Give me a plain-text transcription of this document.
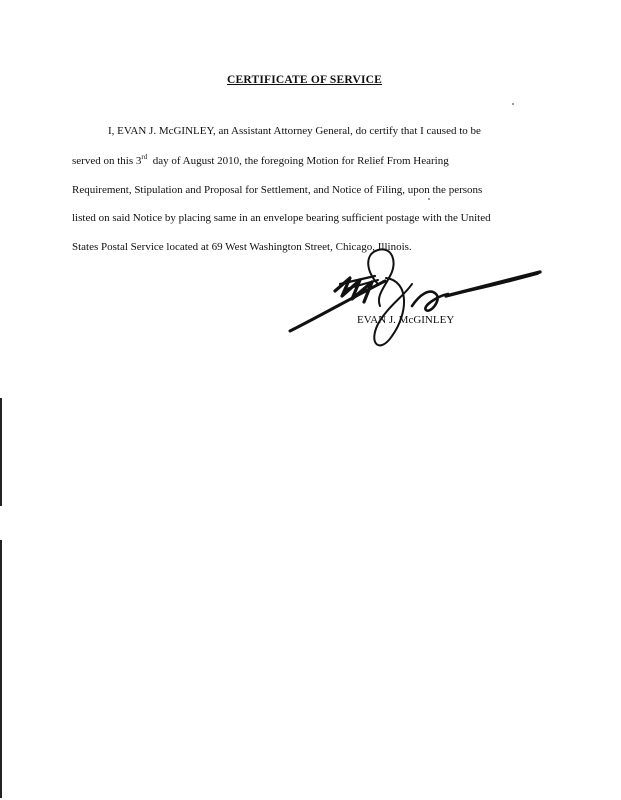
CERTIFICATE OF SERVICE
I, EVAN J. McGINLEY, an Assistant Attorney General, do certify that I caused to be
served on this 3rd  day of August 2010, the foregoing Motion for Relief From Hearing
Requirement, Stipulation and Proposal for Settlement, and Notice of Filing, upon the persons
listed on said Notice by placing same in an envelope bearing sufficient postage with the United
States Postal Service located at 69 West Washington Street, Chicago, Illinois.
EVAN J. McGINLEY
